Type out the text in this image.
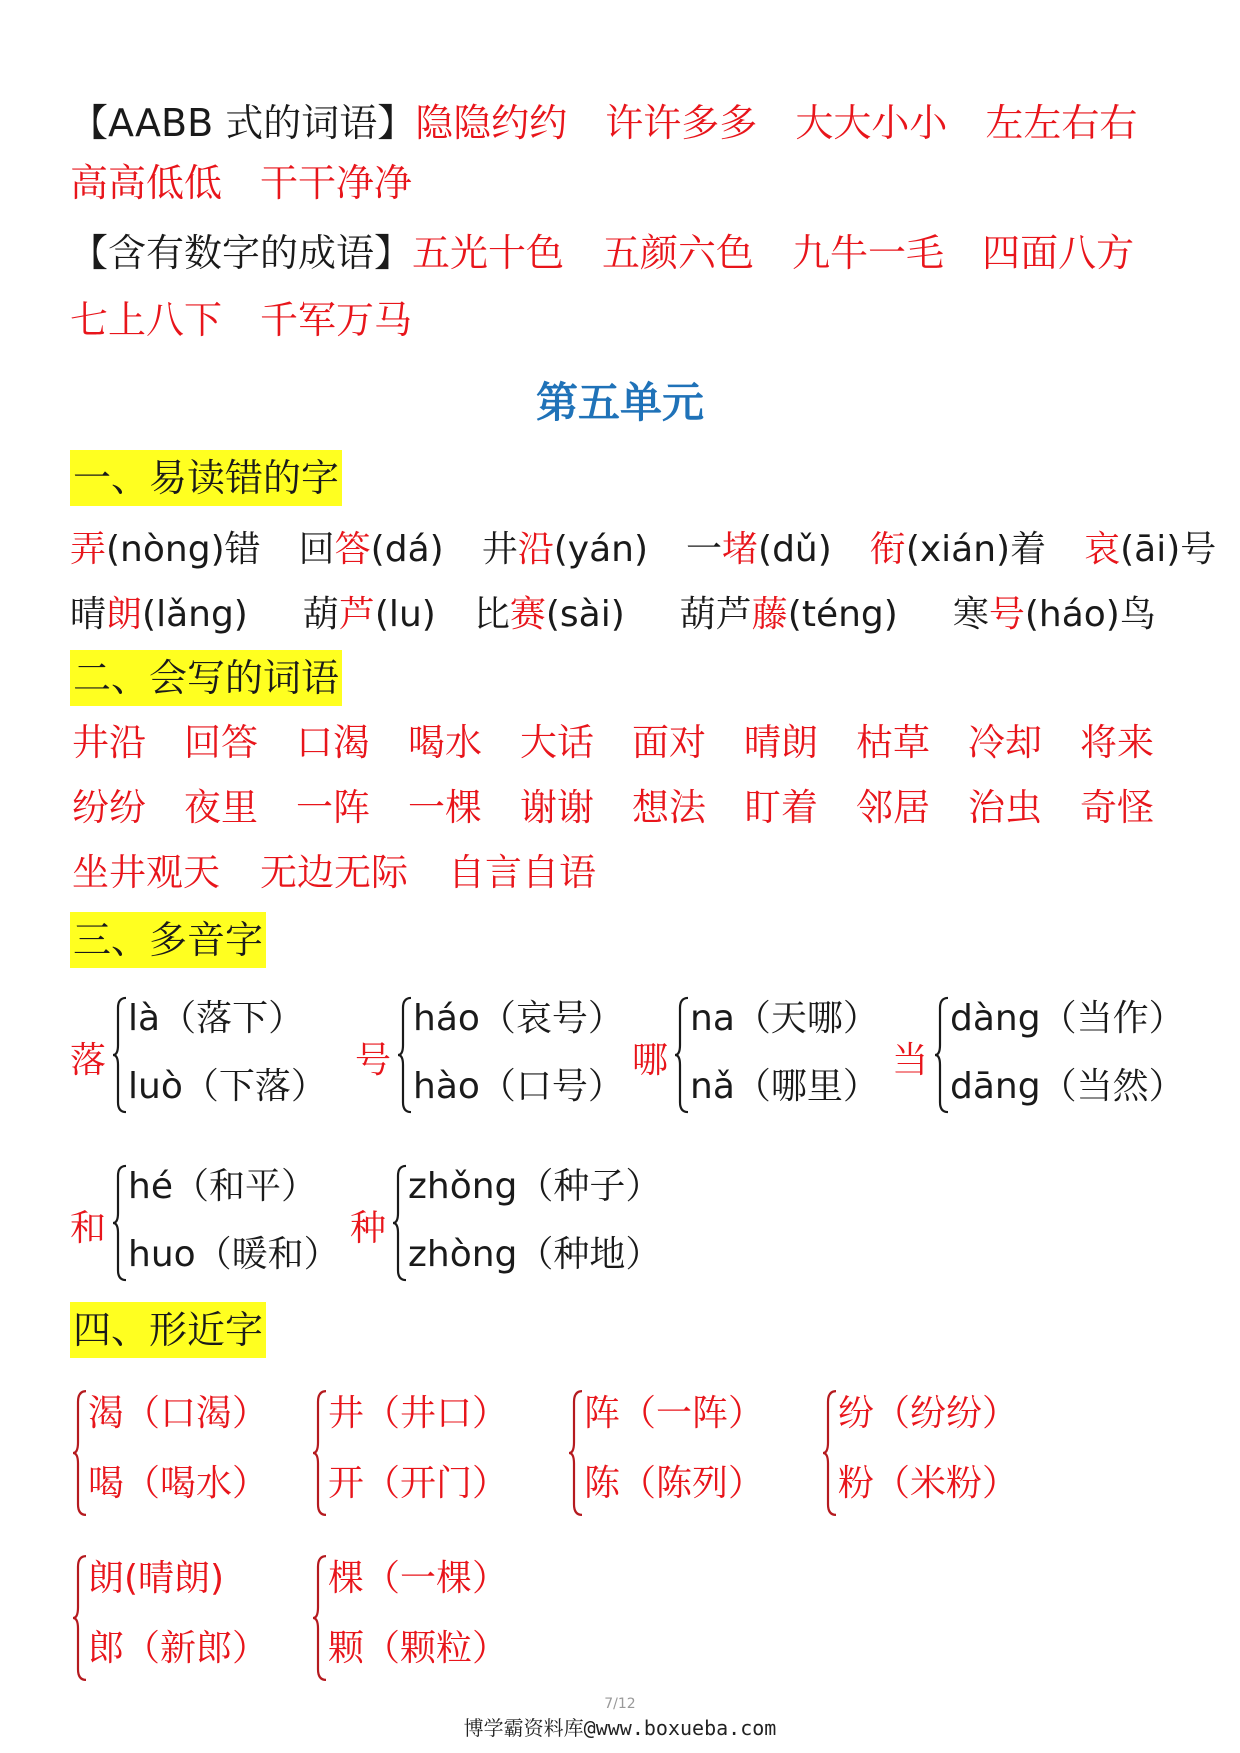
【AABB 式的词语】隐隐约约 许许多多 大大小小 左左右右
高高低低 干干净净
【含有数字的成语】五光十色 五颜六色 九牛一毛 四面八方
七上八下 千军万马
第五单元
一、易读错的字
弄(nòng)错 回答(dá) 井沿(yán) 一堵(dǔ) 衔(xián)着 哀(āi)号
晴朗(lǎng) 葫芦(lu) 比赛(sài) 葫芦藤(téng) 寒号(háo)鸟
二、会写的词语
井沿 回答 口渴 喝水 大话 面对 晴朗 枯草 冷却 将来
纷纷 夜里 一阵 一棵 谢谢 想法 盯着 邻居 治虫 奇怪
坐井观天 无边无际 自言自语
三、多音字
落
là（落下）
luò（下落）
号
háo（哀号）
hào（口号）
哪
na（天哪）
nǎ（哪里）
当
dàng（当作）
dāng（当然）
和
hé（和平）
huo（暖和）
种
zhǒng（种子）
zhòng（种地）
四、形近字
渴（口渴）
喝（喝水）
井（井口）
开（开门）
阵（一阵）
陈（陈列）
纷（纷纷）
粉（米粉）
朗(晴朗)
郎（新郎）
棵（一棵）
颗（颗粒）
7/12
博学霸资料库@www.boxueba.com
